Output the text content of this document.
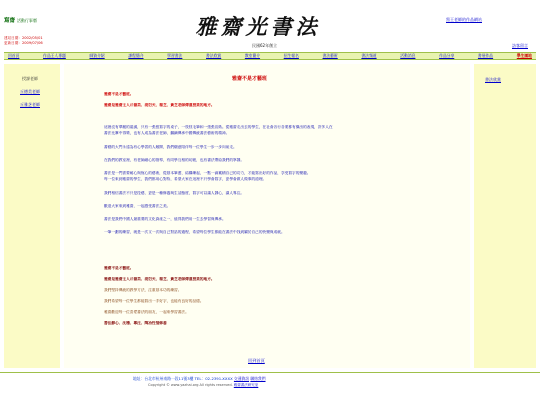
寫齋 活動行事曆
建站日期：2002/05/01
更新日期：2009/07/06
雅齋光書法
民國62年創立
寫王老師的作品網站
訪客留言
回首頁	作品王人專題	師資介紹	課程簡介	學習書法	書法欣賞	教室簡介	招生報名	書法藝術	書法頻道	活動消息	作品分享	書展作品	學生園地
授課老師
丘德美老師
丘雅芝老師
書法欣賞
雅齋不是才藝班
雅齋不是才藝班。
雅齋是雅齋主人丘德美、胡衍天、楊芝、黃芝老師傳道授業的地方。
這裡沒有華麗的裝潢，只有一張張寫字的桌子，一枝枝毛筆和一張張宣紙。從雅齋走出去的學生，在社會各行各業都有傑出的表現，許多人在
書法比賽中得獎，也有人成為書法老師，繼續傳承中國傳統書法藝術的精神。
書藝的大門永遠為有心學習的人敞開，我們願意陪伴每一位學生一步一步向前走。
在我們的教室裡，有老師細心的指導，有同學互相的切磋，也有書法帶給我們的寧靜。
書法是一門需要耐心與恆心的藝術，從基本筆畫、結構練起，一點一滴累積自己的功力，才能寫出好的作品，享受寫字的樂趣。
每一位來到雅齋的學生，我們都用心對待，希望大家在這裡不只學會寫字，更學會做人做事的道理。
我們相信書法不只是技藝，更是一種修養與生活態度，寫字可以讓人靜心，讓人專注。
歡迎大家來到雅齋，一起感受書法之美。
書法是我們中國人最重要的文化資產之一，值得我們用一生去學習與傳承。
一筆一劃的練習，就是一次又一次與自己對話的過程，希望每位學生都能在書法中找到屬於自己的快樂與成就。
雅齋不是才藝班。
雅齋是雅齋主人丘德美、胡衍天、楊芝、黃芝老師傳道授業的地方。
我們堅持傳統的教學方法，注重基本功的練習。
我們希望每一位學生都能寫出一手好字，也能有良好的品德。
雅齋歡迎每一位喜愛書法的朋友，一起來學習書法。
書法靜心、沈穩、專注、陶冶性情修養
回到首頁
地址：台北市杭州南路一段11號3樓 TEL：02-2391-XXXX 交通資訊 聯絡我們
Copyright © www.yazhai.org All rights reserved. 雅齋書法研究室
